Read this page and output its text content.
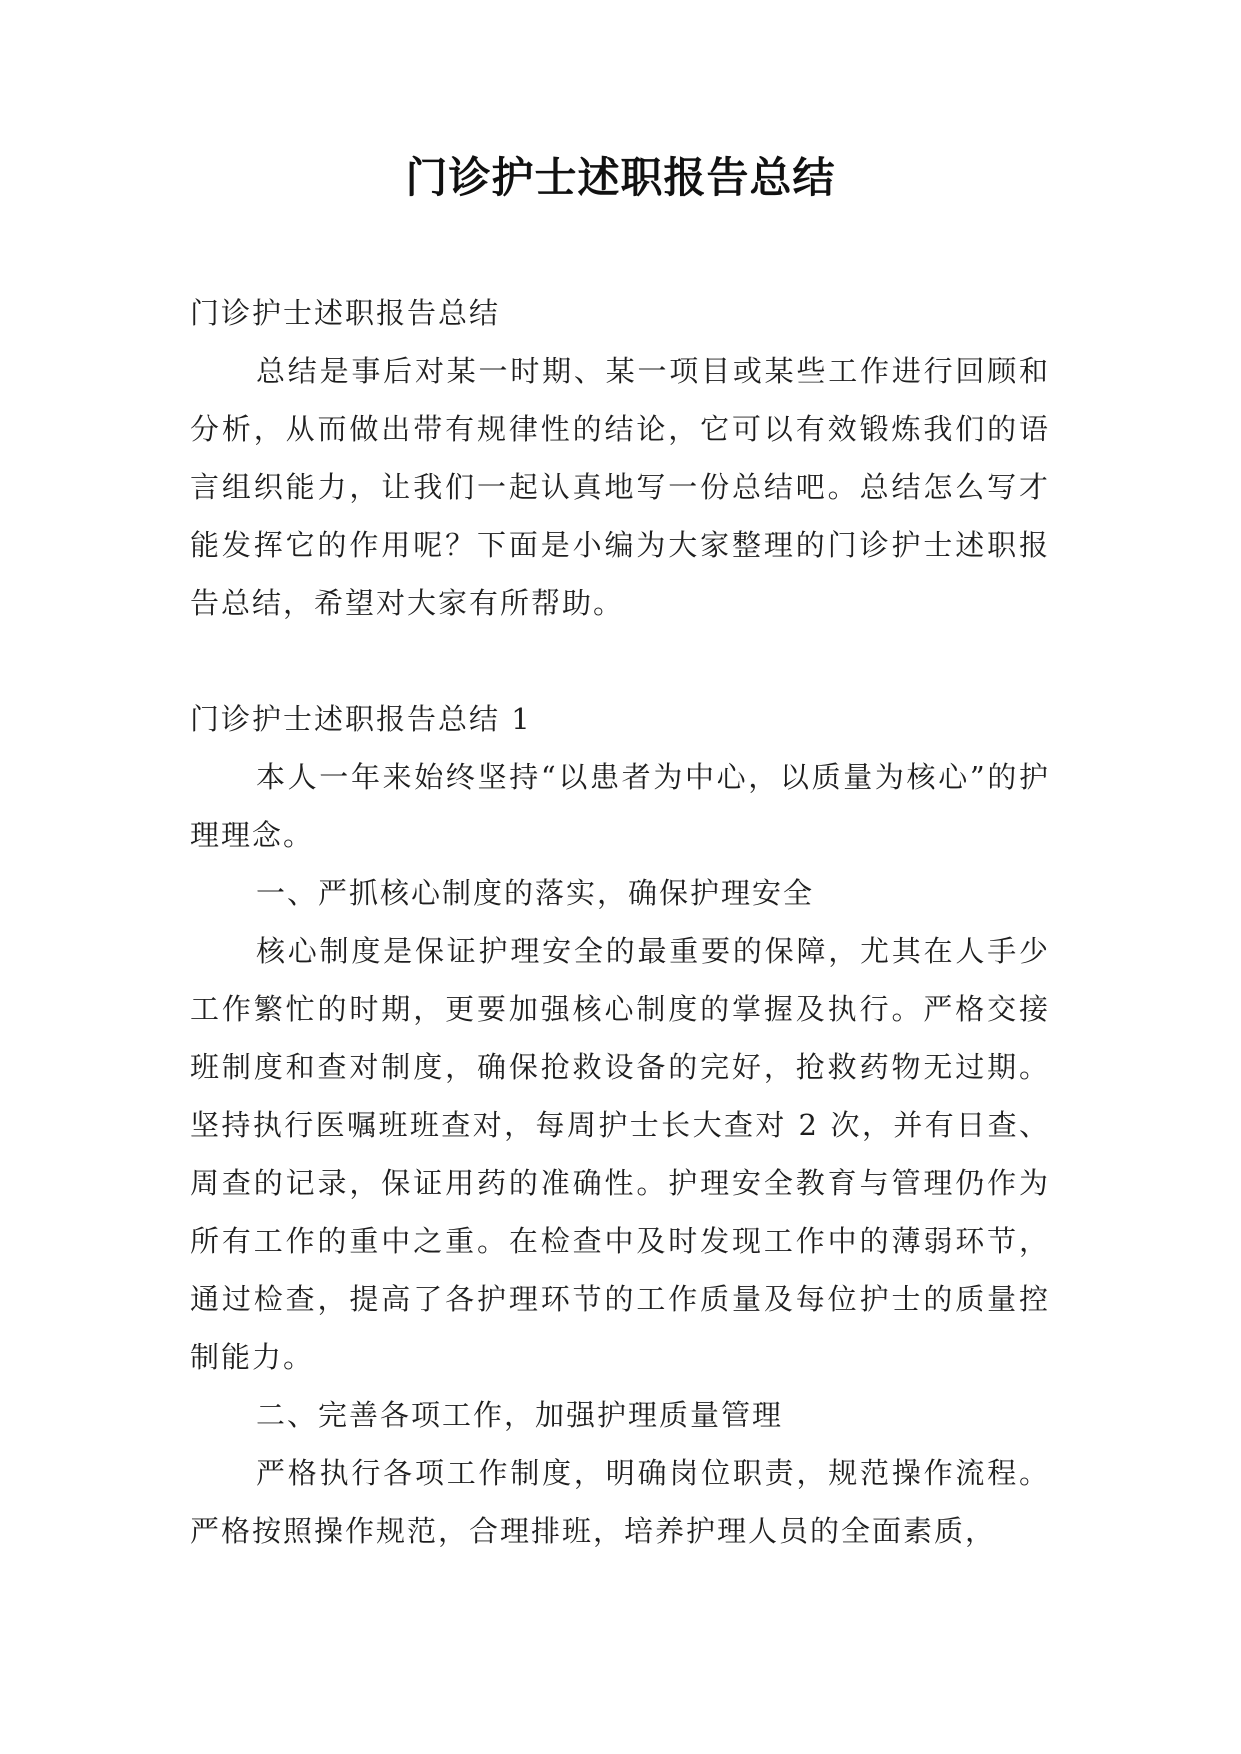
门诊护士述职报告总结

门诊护士述职报告总结

总结是事后对某一时期、某一项目或某些工作进行回顾和分析，从而做出带有规律性的结论，它可以有效锻炼我们的语言组织能力，让我们一起认真地写一份总结吧。总结怎么写才能发挥它的作用呢？下面是小编为大家整理的门诊护士述职报告总结，希望对大家有所帮助。

门诊护士述职报告总结 1

本人一年来始终坚持“以患者为中心，以质量为核心”的护理理念。

一、严抓核心制度的落实，确保护理安全

核心制度是保证护理安全的最重要的保障，尤其在人手少工作繁忙的时期，更要加强核心制度的掌握及执行。严格交接班制度和查对制度，确保抢救设备的完好，抢救药物无过期。坚持执行医嘱班班查对，每周护士长大查对 2 次，并有日查、周查的记录，保证用药的准确性。护理安全教育与管理仍作为所有工作的重中之重。在检查中及时发现工作中的薄弱环节，通过检查，提高了各护理环节的工作质量及每位护士的质量控制能力。

二、完善各项工作，加强护理质量管理

严格执行各项工作制度，明确岗位职责，规范操作流程。严格按照操作规范，合理排班，培养护理人员的全面素质，
